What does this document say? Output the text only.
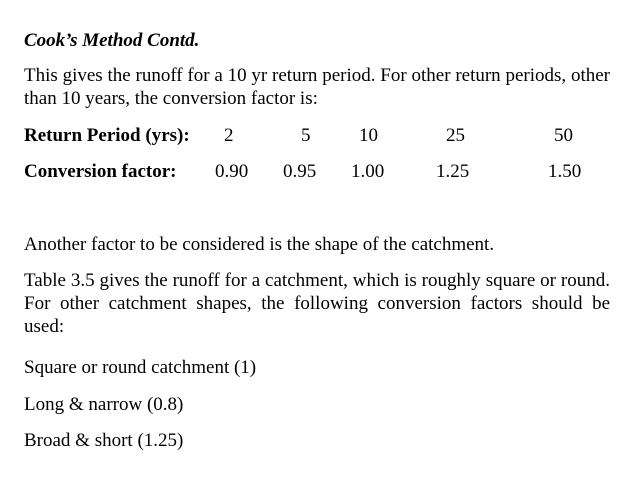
Cook’s Method Contd.
This gives the runoff for a 10 yr return period. For other return periods, other than 10 years, the conversion factor is:
Return Period (yrs): 2	5	10	25	50
Conversion factor: 0.90 0.95 1.00	1.25	1.50
Another factor to be considered is the shape of the catchment.
Table 3.5 gives the runoff for a catchment, which is roughly square or round. For other catchment shapes, the following conversion factors should be used:
Square or round catchment (1)
Long & narrow (0.8)
Broad & short (1.25)
